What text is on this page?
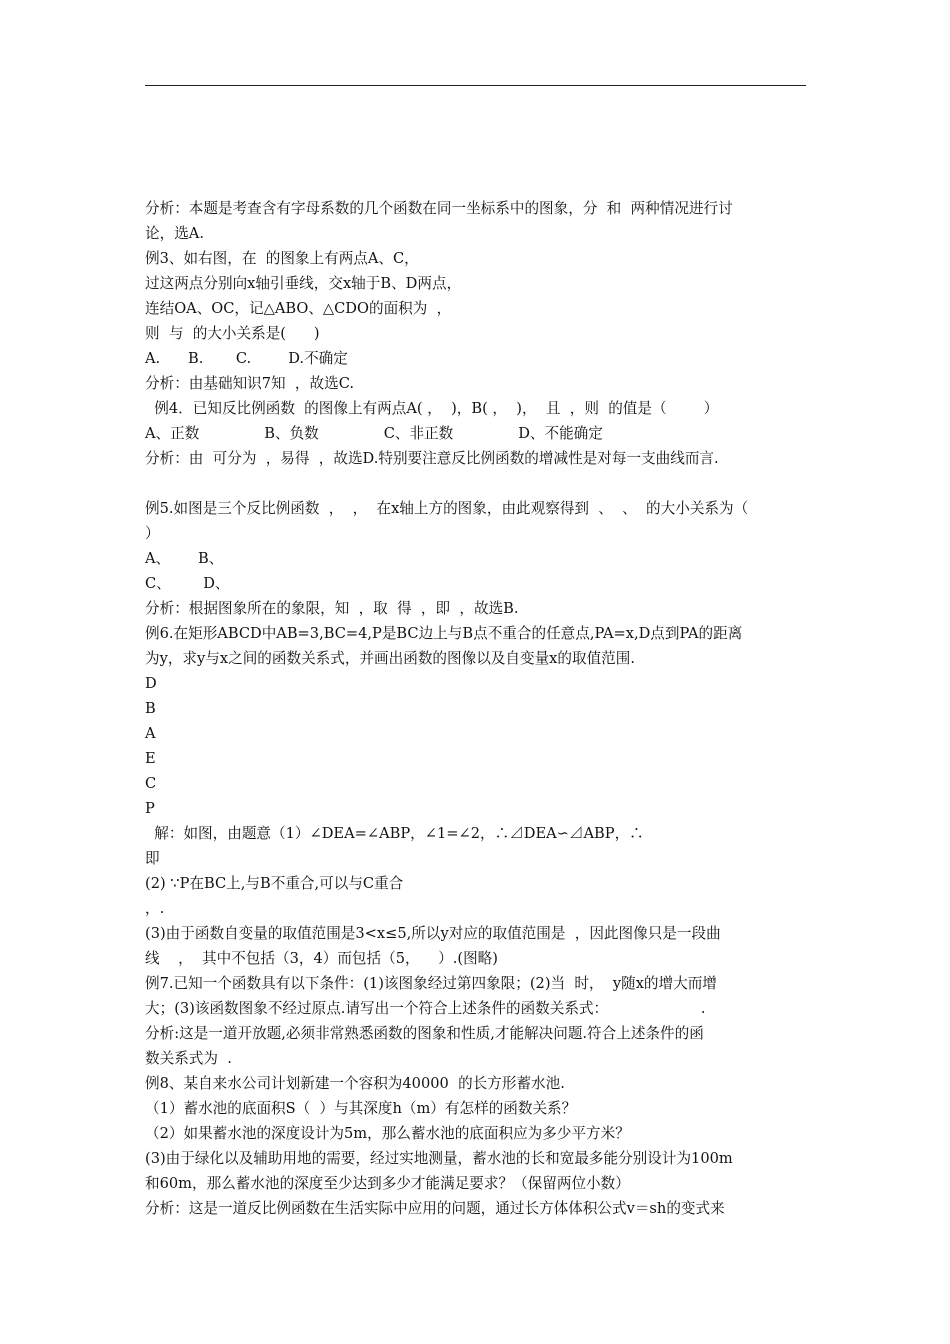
分析：本题是考查含有字母系数的几个函数在同一坐标系中的图象，分  和  两种情况进行讨
论，选A.
例3、如右图，在  的图象上有两点A、C，
过这两点分别向x轴引垂线，交x轴于B、D两点，
连结OA、OC，记△ABO、△CDO的面积为  ，
则  与  的大小关系是(      )
A.      B.       C.        D.不确定
分析：由基础知识7知  ，故选C.
例4．已知反比例函数  的图像上有两点A( ，  )，B( ，  )，  且  ，则  的值是（        ）
A、正数              B、负数              C、非正数              D、不能确定
分析：由  可分为  ，易得  ，故选D.特别要注意反比例函数的增减性是对每一支曲线而言.
例5.如图是三个反比例函数  ，  ，  在x轴上方的图象，由此观察得到  、  、  的大小关系为（
）
A、      B、
C、       D、
分析：根据图象所在的象限，知  ，取  得  ，即  ，故选B.
例6.在矩形ABCD中AB=3,BC=4,P是BC边上与B点不重合的任意点,PA=x,D点到PA的距离
为y，求y与x之间的函数关系式，并画出函数的图像以及自变量x的取值范围.
D
B
A
E
C
P
解：如图，由题意（1）∠DEA=∠ABP，∠1=∠2，∴⊿DEA∽⊿ABP，∴
即
(2) ∵P在BC上,与B不重合,可以与C重合
，.
(3)由于函数自变量的取值范围是3<x≤5,所以y对应的取值范围是  ，因此图像只是一段曲
线    ，  其中不包括（3，4）而包括（5，    ）.(图略)
例7.已知一个函数具有以下条件：(1)该图象经过第四象限；(2)当  时，  y随x的增大而增
大；(3)该函数图象不经过原点.请写出一个符合上述条件的函数关系式：                    .
分析:这是一道开放题,必须非常熟悉函数的图象和性质,才能解决问题.符合上述条件的函
数关系式为  .
例8、某自来水公司计划新建一个容积为40000  的长方形蓄水池.
（1）蓄水池的底面积S（  ）与其深度h（m）有怎样的函数关系？
（2）如果蓄水池的深度设计为5m，那么蓄水池的底面积应为多少平方米？
(3)由于绿化以及辅助用地的需要，经过实地测量，蓄水池的长和宽最多能分别设计为100m
和60m，那么蓄水池的深度至少达到多少才能满足要求？（保留两位小数）
分析：这是一道反比例函数在生活实际中应用的问题，通过长方体体积公式v＝sh的变式来
